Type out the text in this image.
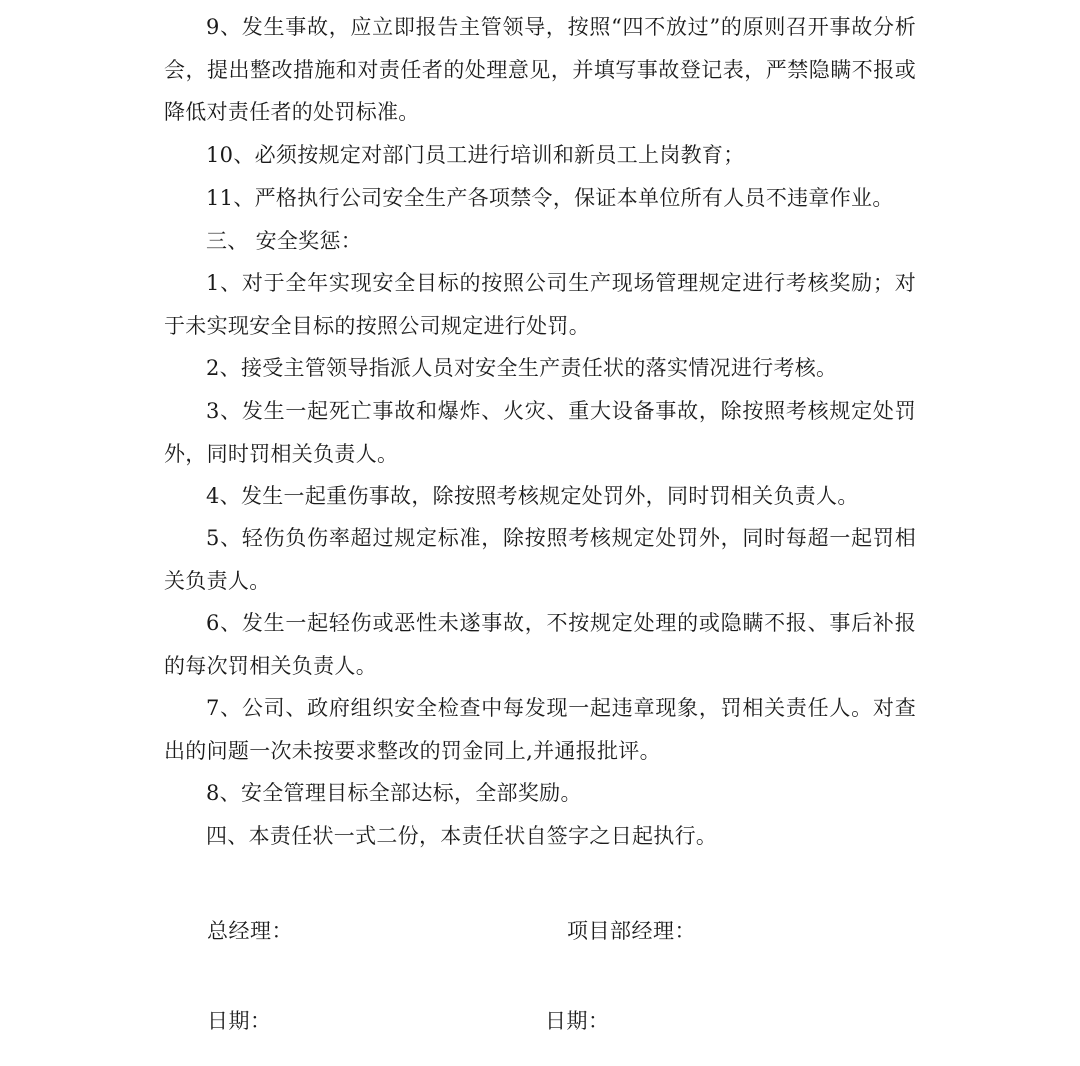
9、发生事故，应立即报告主管领导，按照“四不放过”的原则召开事故分析会，提出整改措施和对责任者的处理意见，并填写事故登记表，严禁隐瞒不报或降低对责任者的处罚标准。

10、必须按规定对部门员工进行培训和新员工上岗教育；

11、严格执行公司安全生产各项禁令，保证本单位所有人员不违章作业。

三、 安全奖惩：

1、对于全年实现安全目标的按照公司生产现场管理规定进行考核奖励；对于未实现安全目标的按照公司规定进行处罚。

2、接受主管领导指派人员对安全生产责任状的落实情况进行考核。

3、发生一起死亡事故和爆炸、火灾、重大设备事故，除按照考核规定处罚外，同时罚相关负责人。

4、发生一起重伤事故，除按照考核规定处罚外，同时罚相关负责人。

5、轻伤负伤率超过规定标准，除按照考核规定处罚外，同时每超一起罚相关负责人。

6、发生一起轻伤或恶性未遂事故，不按规定处理的或隐瞒不报、事后补报的每次罚相关负责人。

7、公司、政府组织安全检查中每发现一起违章现象，罚相关责任人。对查出的问题一次未按要求整改的罚金同上,并通报批评。

8、安全管理目标全部达标，全部奖励。

四、本责任状一式二份，本责任状自签字之日起执行。

总经理：	项目部经理：

日期：	日期：
